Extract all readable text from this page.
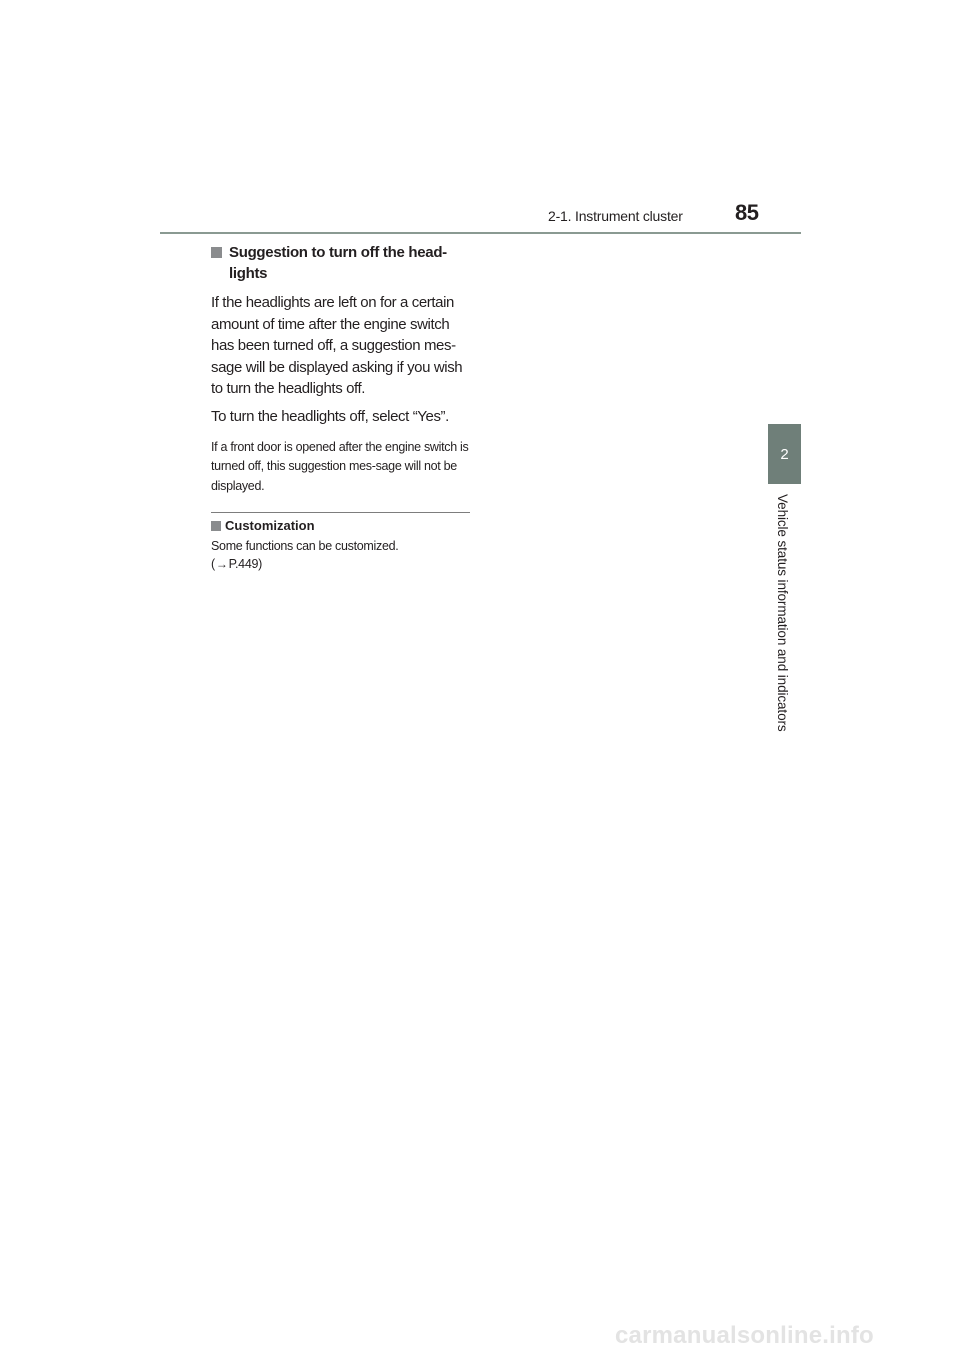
2-1. Instrument cluster 85
2
Vehicle status information and indicators
Suggestion to turn off the head-lights
If the headlights are left on for a certain amount of time after the engine switch has been turned off, a suggestion mes-sage will be displayed asking if you wish to turn the headlights off.
To turn the headlights off, select “Yes”.
If a front door is opened after the engine switch is turned off, this suggestion mes-sage will not be displayed.
Customization
Some functions can be customized.
(→P.449)
carmanualsonline.info
